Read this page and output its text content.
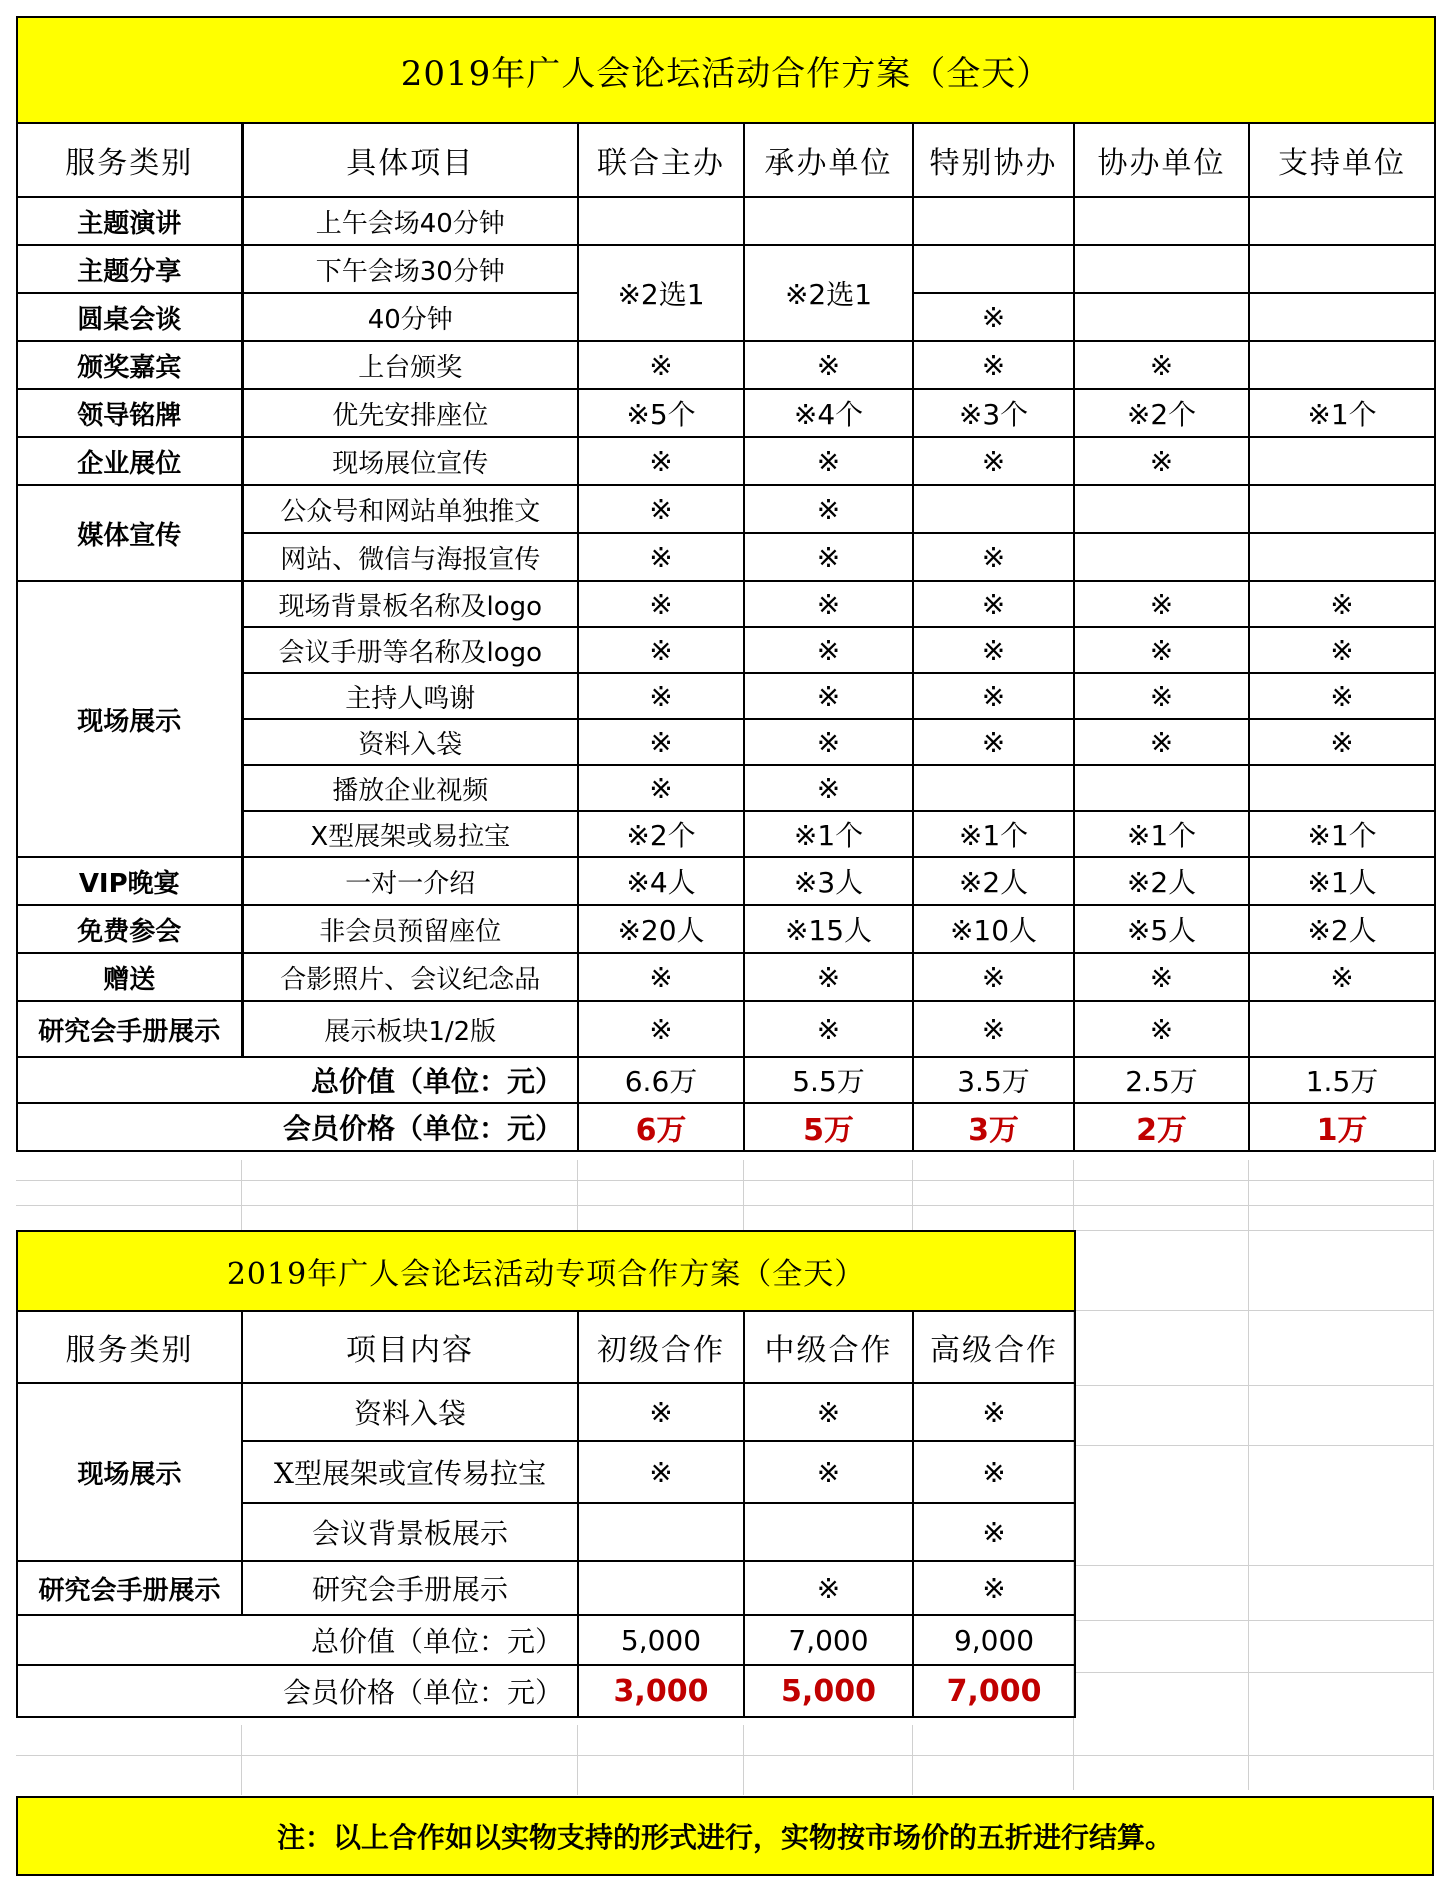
2019年广人会论坛活动合作方案（全天）						
服务类别	具体项目	联合主办	承办单位	特别协办	协办单位	支持单位
主题演讲	上午会场40分钟					
主题分享	下午会场30分钟	※2选1	※2选1			
圆桌会谈	40分钟			※		
颁奖嘉宾	上台颁奖	※	※	※	※	
领导铭牌	优先安排座位	※5个	※4个	※3个	※2个	※1个
企业展位	现场展位宣传	※	※	※	※	
媒体宣传	公众号和网站单独推文	※	※			
	网站、微信与海报宣传	※	※	※		
现场展示	现场背景板名称及logo	※	※	※	※	※
	会议手册等名称及logo	※	※	※	※	※
	主持人鸣谢	※	※	※	※	※
	资料入袋	※	※	※	※	※
	播放企业视频	※	※			
	X型展架或易拉宝	※2个	※1个	※1个	※1个	※1个
VIP晚宴	一对一介绍	※4人	※3人	※2人	※2人	※1人
免费参会	非会员预留座位	※20人	※15人	※10人	※5人	※2人
赠送	合影照片、会议纪念品	※	※	※	※	※
研究会手册展示	展示板块1/2版	※	※	※	※	
总价值（单位：元）		6.6万	5.5万	3.5万	2.5万	1.5万
会员价格（单位：元）		6万	5万	3万	2万	1万
2019年广人会论坛活动专项合作方案（全天）				
服务类别	项目内容	初级合作	中级合作	高级合作
现场展示	资料入袋	※	※	※
	X型展架或宣传易拉宝	※	※	※
	会议背景板展示			※
研究会手册展示	研究会手册展示		※	※
总价值（单位：元）		5,000	7,000	9,000
会员价格（单位：元）		3,000	5,000	7,000
注：以上合作如以实物支持的形式进行，实物按市场价的五折进行结算。
